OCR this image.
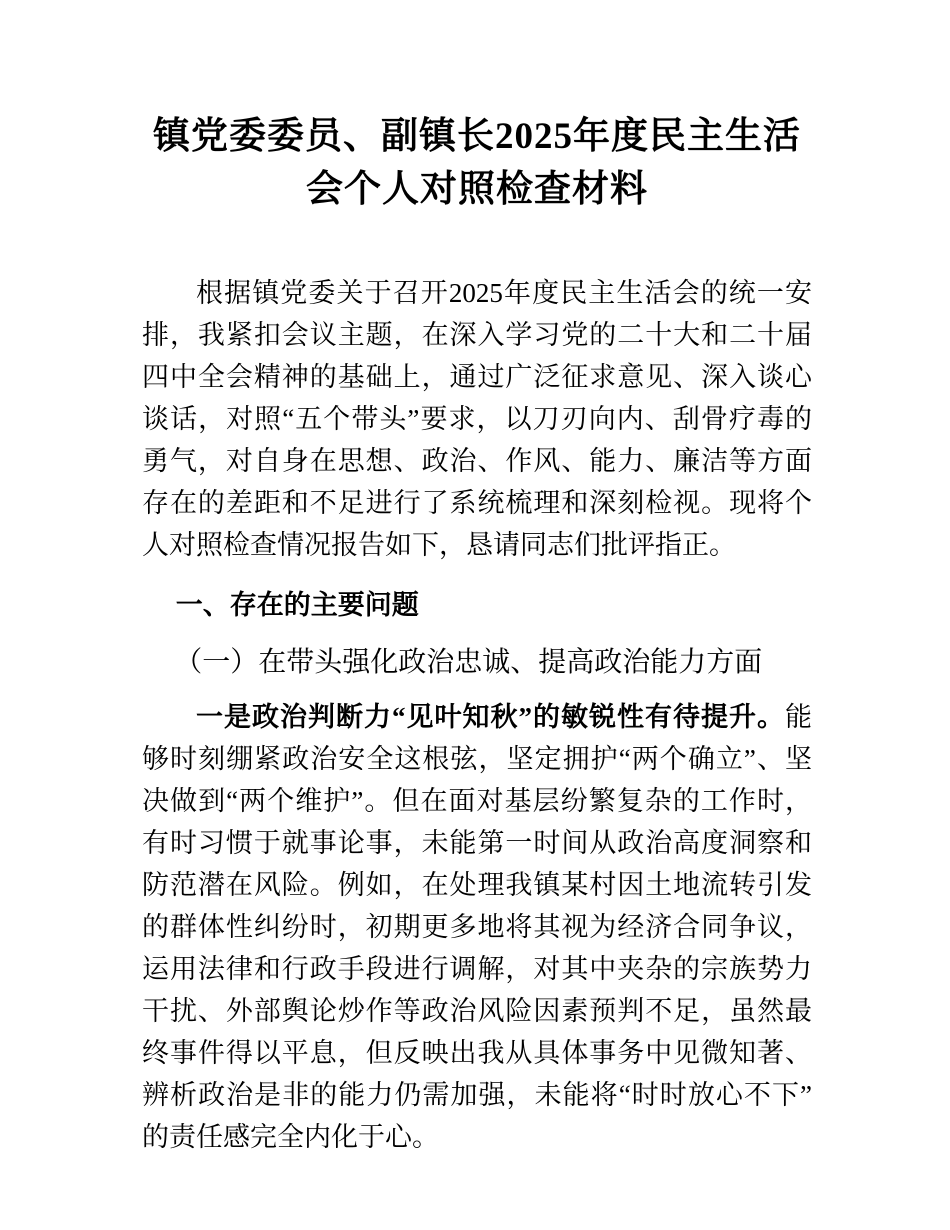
镇党委委员、副镇长2025年度民主生活会个人对照检查材料

根据镇党委关于召开2025年度民主生活会的统一安排，我紧扣会议主题，在深入学习党的二十大和二十届四中全会精神的基础上，通过广泛征求意见、深入谈心谈话，对照“五个带头”要求，以刀刃向内、刮骨疗毒的勇气，对自身在思想、政治、作风、能力、廉洁等方面存在的差距和不足进行了系统梳理和深刻检视。现将个人对照检查情况报告如下，恳请同志们批评指正。

一、存在的主要问题
（一）在带头强化政治忠诚、提高政治能力方面

一是政治判断力“见叶知秋”的敏锐性有待提升。能够时刻绷紧政治安全这根弦，坚定拥护“两个确立”、坚决做到“两个维护”。但在面对基层纷繁复杂的工作时，有时习惯于就事论事，未能第一时间从政治高度洞察和防范潜在风险。例如，在处理我镇某村因土地流转引发的群体性纠纷时，初期更多地将其视为经济合同争议，运用法律和行政手段进行调解，对其中夹杂的宗族势力干扰、外部舆论炒作等政治风险因素预判不足，虽然最终事件得以平息，但反映出我从具体事务中见微知著、辨析政治是非的能力仍需加强，未能将“时时放心不下”的责任感完全内化于心。
